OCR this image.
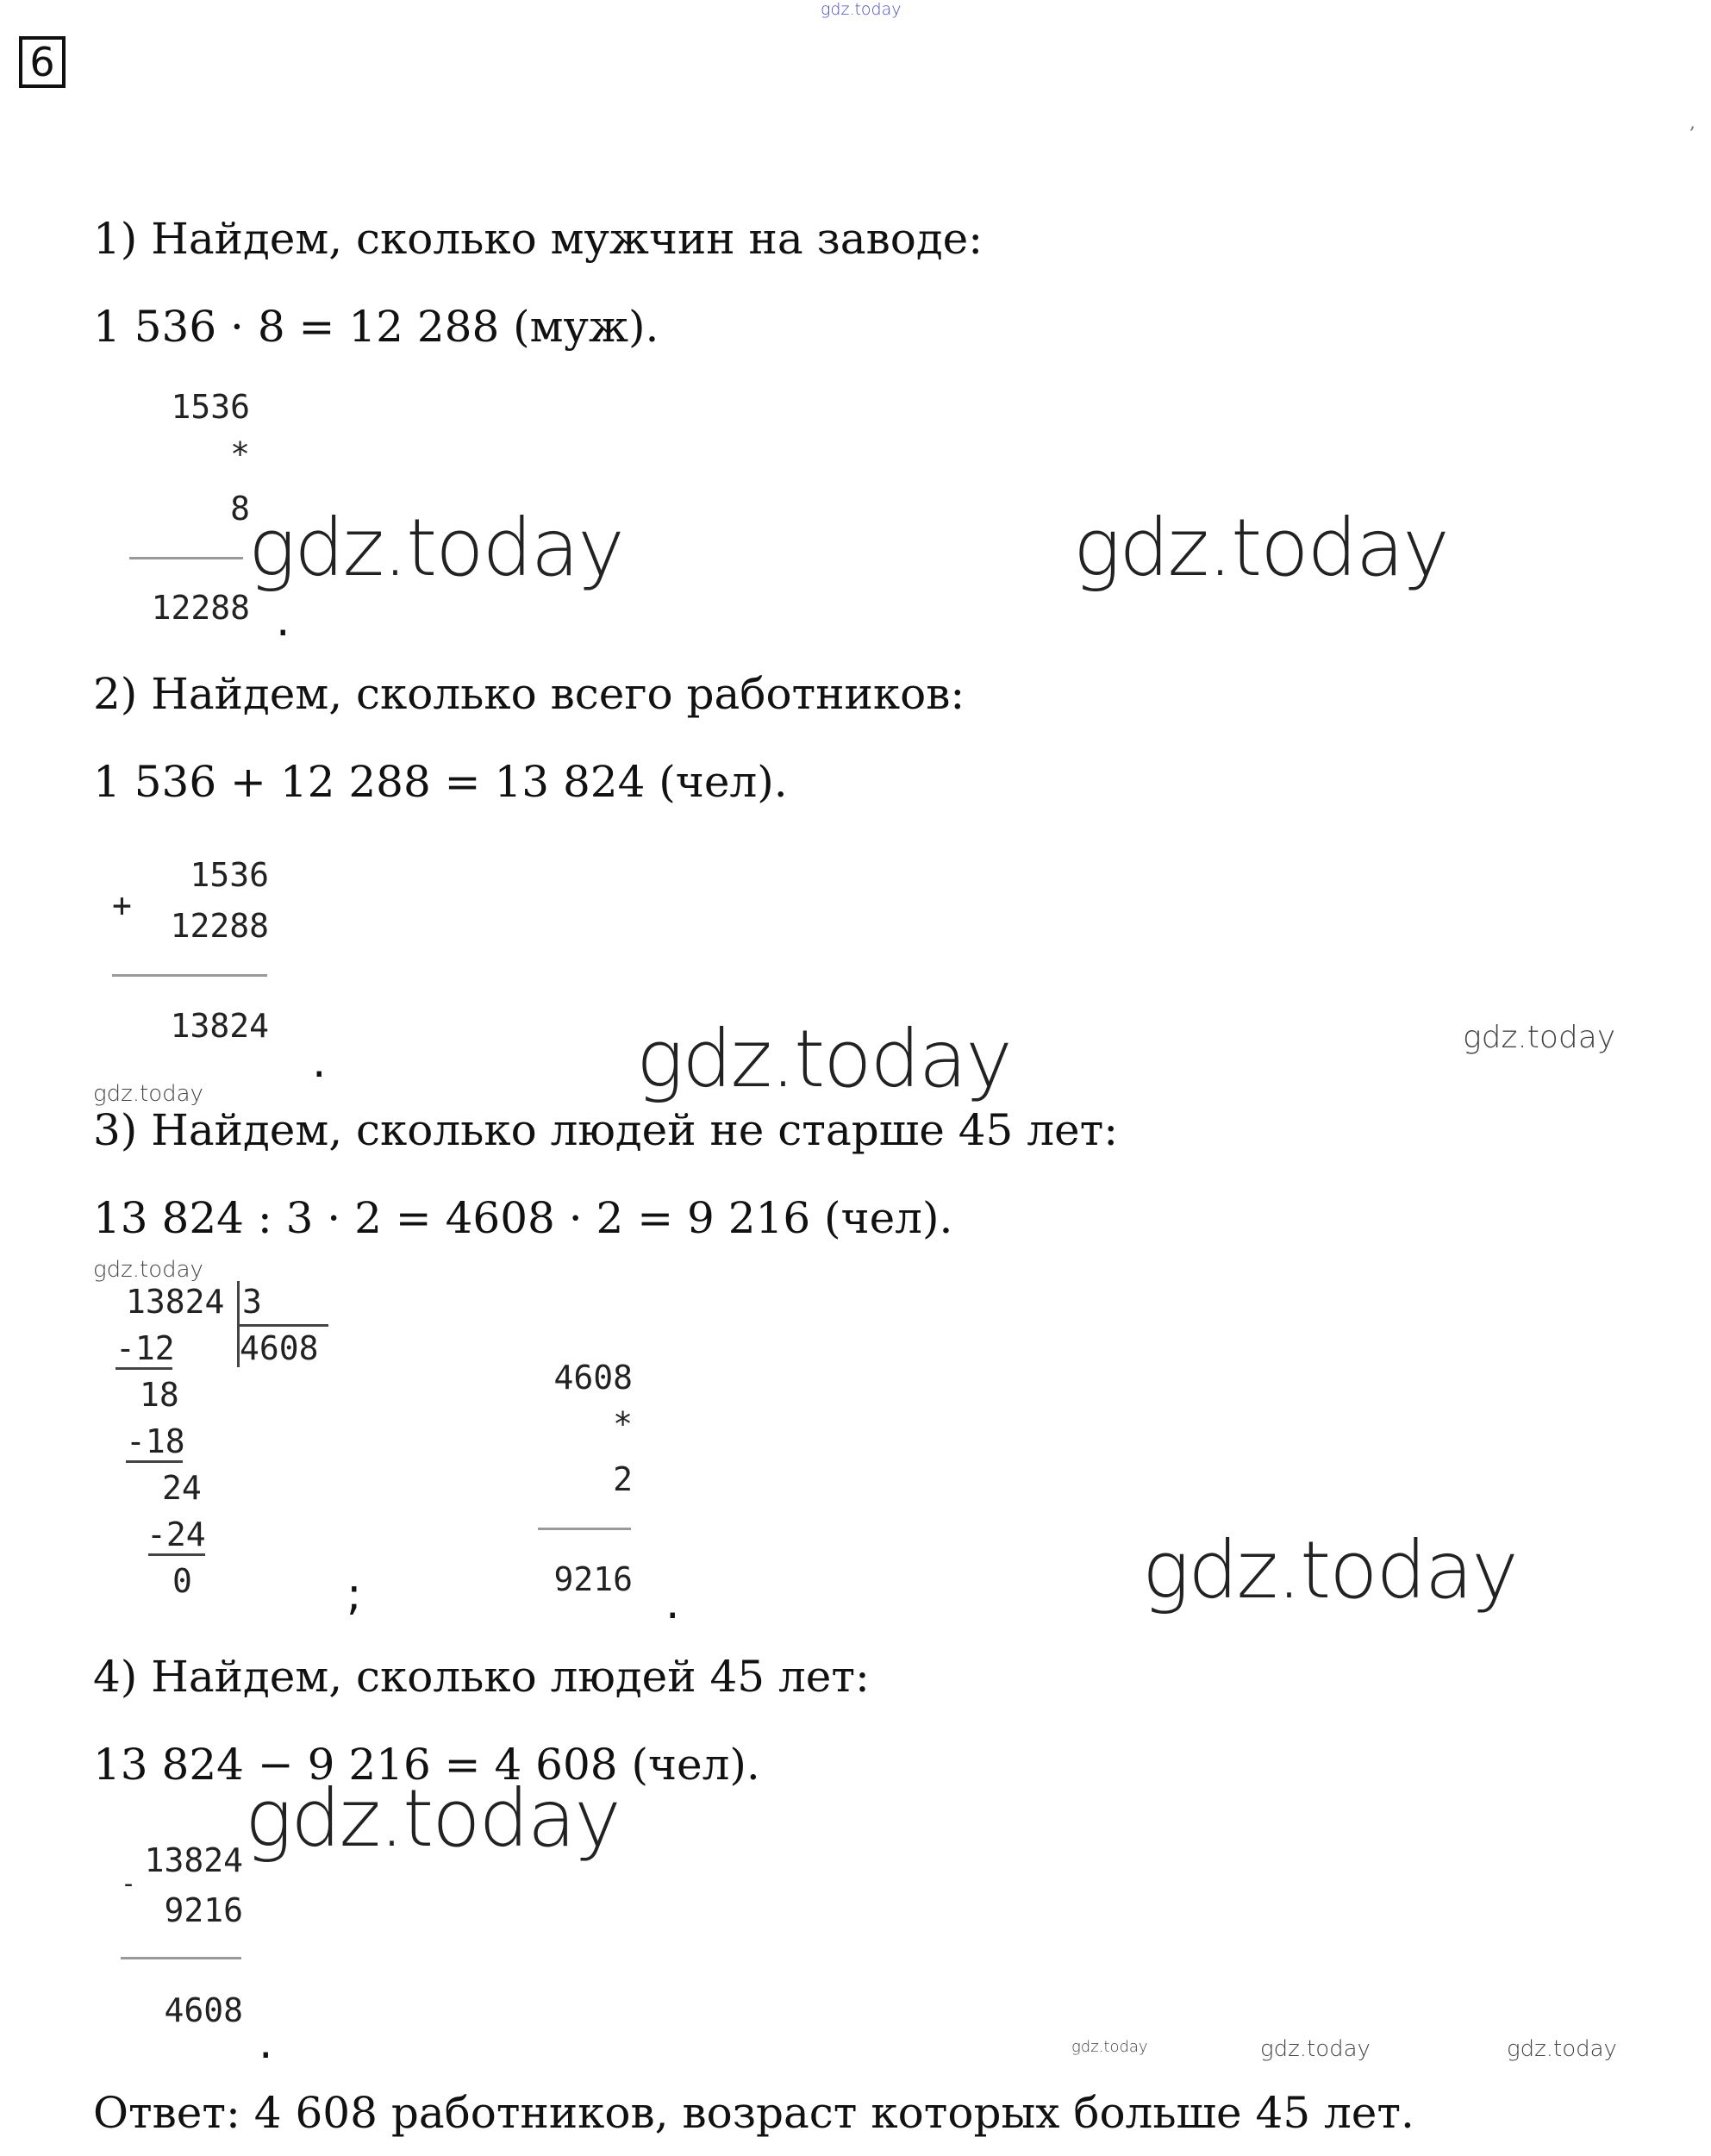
gdz.today
,
6
1) Найдем, сколько мужчин на заводе:
1 536 · 8 = 12 288 (муж).
1536
*
8
12288 .
gdz.today	gdz.today
2) Найдем, сколько всего работников:
1 536 + 12 288 = 13 824 (чел).
+
1536
12288
13824
.	gdz.today	gdz.today
gdz.today
3) Найдем, сколько людей не старше 45 лет:
13 824 : 3 · 2 = 4608 · 2 = 9 216 (чел).
gdz.today
13824 3
4608
-12
18
-18
24
-24
0	;
4608
*
2
9216 .	gdz.today
4) Найдем, сколько людей 45 лет:
13 824 − 9 216 = 4 608 (чел).
-
13824
9216
4608
.
gdz.today
gdz.today	gdz.today	gdz.today
Ответ: 4 608 работников, возраст которых больше 45 лет.
